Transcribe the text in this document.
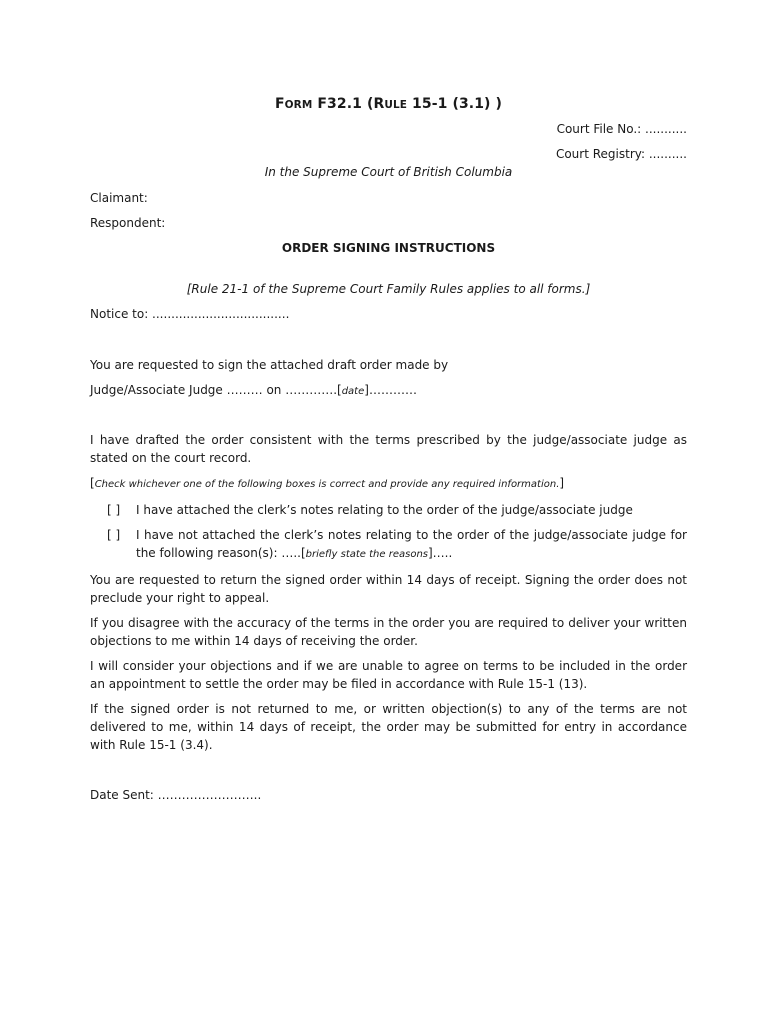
FORM F32.1 (RULE 15-1 (3.1) )

Court File No.: ...........

Court Registry: ..........

In the Supreme Court of British Columbia

Claimant:

Respondent:

ORDER SIGNING INSTRUCTIONS

[Rule 21-1 of the Supreme Court Family Rules applies to all forms.]

Notice to: ....................................

You are requested to sign the attached draft order made by

Judge/Associate Judge ……… on ………….[date]…………

I have drafted the order consistent with the terms prescribed by the judge/associate judge as stated on the court record.

[Check whichever one of the following boxes is correct and provide any required information.]

[ ] I have attached the clerk’s notes relating to the order of the judge/associate judge
[ ] I have not attached the clerk’s notes relating to the order of the judge/associate judge for the following reason(s): …..[briefly state the reasons]…..

You are requested to return the signed order within 14 days of receipt. Signing the order does not preclude your right to appeal.

If you disagree with the accuracy of the terms in the order you are required to deliver your written objections to me within 14 days of receiving the order.

I will consider your objections and if we are unable to agree on terms to be included in the order an appointment to settle the order may be filed in accordance with Rule 15-1 (13).

If the signed order is not returned to me, or written objection(s) to any of the terms are not delivered to me, within 14 days of receipt, the order may be submitted for entry in accordance with Rule 15-1 (3.4).

Date Sent: ……………………..
